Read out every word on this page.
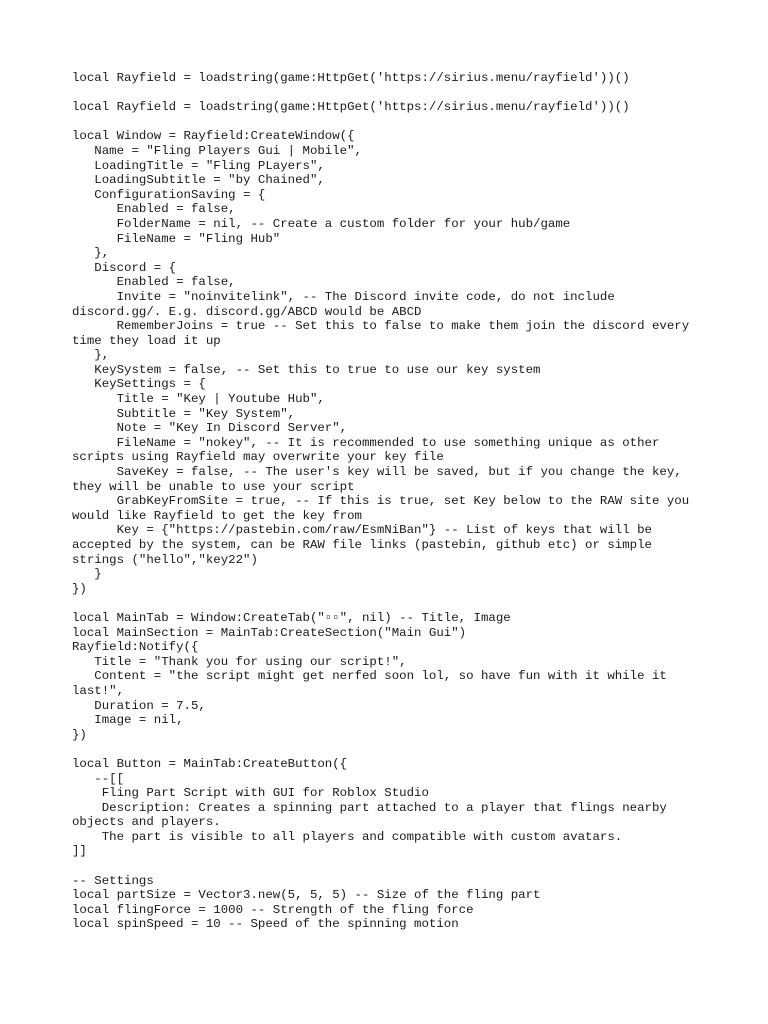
local Rayfield = loadstring(game:HttpGet('https://sirius.menu/rayfield'))()
local Rayfield = loadstring(game:HttpGet('https://sirius.menu/rayfield'))()
local Window = Rayfield:CreateWindow({
Name = "Fling Players Gui | Mobile",
LoadingTitle = "Fling PLayers",
LoadingSubtitle = "by Chained",
ConfigurationSaving = {
Enabled = false,
FolderName = nil, -- Create a custom folder for your hub/game
FileName = "Fling Hub"
},
Discord = {
Enabled = false,
Invite = "noinvitelink", -- The Discord invite code, do not include
discord.gg/. E.g. discord.gg/ABCD would be ABCD
RememberJoins = true -- Set this to false to make them join the discord every
time they load it up
},
KeySystem = false, -- Set this to true to use our key system
KeySettings = {
Title = "Key | Youtube Hub",
Subtitle = "Key System",
Note = "Key In Discord Server",
FileName = "nokey", -- It is recommended to use something unique as other
scripts using Rayfield may overwrite your key file
SaveKey = false, -- The user's key will be saved, but if you change the key,
they will be unable to use your script
GrabKeyFromSite = true, -- If this is true, set Key below to the RAW site you
would like Rayfield to get the key from
Key = {"https://pastebin.com/raw/EsmNiBan"} -- List of keys that will be
accepted by the system, can be RAW file links (pastebin, github etc) or simple
strings ("hello","key22")
}
})
local MainTab = Window:CreateTab("▫▫", nil) -- Title, Image
local MainSection = MainTab:CreateSection("Main Gui")
Rayfield:Notify({
Title = "Thank you for using our script!",
Content = "the script might get nerfed soon lol, so have fun with it while it
last!",
Duration = 7.5,
Image = nil,
})
local Button = MainTab:CreateButton({
--[[
Fling Part Script with GUI for Roblox Studio
Description: Creates a spinning part attached to a player that flings nearby
objects and players.
The part is visible to all players and compatible with custom avatars.
]]
-- Settings
local partSize = Vector3.new(5, 5, 5) -- Size of the fling part
local flingForce = 1000 -- Strength of the fling force
local spinSpeed = 10 -- Speed of the spinning motion
